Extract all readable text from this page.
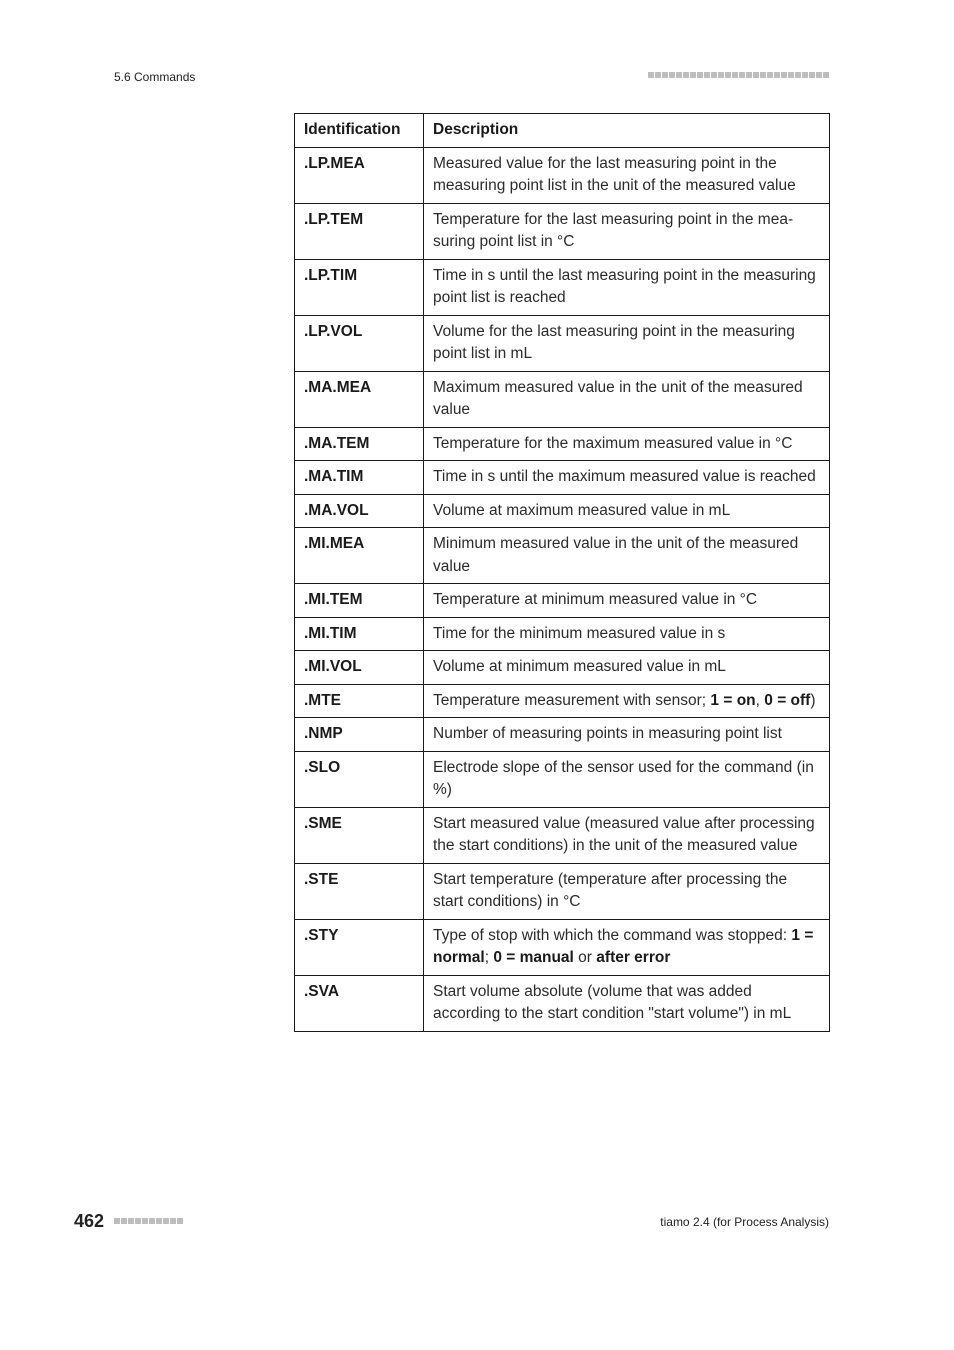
5.6 Commands
Identification	Description
.LP.MEA	Measured value for the last measuring point in the measuring point list in the unit of the measured value
.LP.TEM	Temperature for the last measuring point in the measuring point list in °C
.LP.TIM	Time in s until the last measuring point in the measuring point list is reached
.LP.VOL	Volume for the last measuring point in the measuring point list in mL
.MA.MEA	Maximum measured value in the unit of the measured value
.MA.TEM	Temperature for the maximum measured value in °C
.MA.TIM	Time in s until the maximum measured value is reached
.MA.VOL	Volume at maximum measured value in mL
.MI.MEA	Minimum measured value in the unit of the measured value
.MI.TEM	Temperature at minimum measured value in °C
.MI.TIM	Time for the minimum measured value in s
.MI.VOL	Volume at minimum measured value in mL
.MTE	Temperature measurement with sensor; 1 = on, 0 = off)
.NMP	Number of measuring points in measuring point list
.SLO	Electrode slope of the sensor used for the command (in %)
.SME	Start measured value (measured value after processing the start conditions) in the unit of the measured value
.STE	Start temperature (temperature after processing the start conditions) in °C
.STY	Type of stop with which the command was stopped: 1 = normal; 0 = manual or after error
.SVA	Start volume absolute (volume that was added according to the start condition "start volume") in mL
462	tiamo 2.4 (for Process Analysis)
